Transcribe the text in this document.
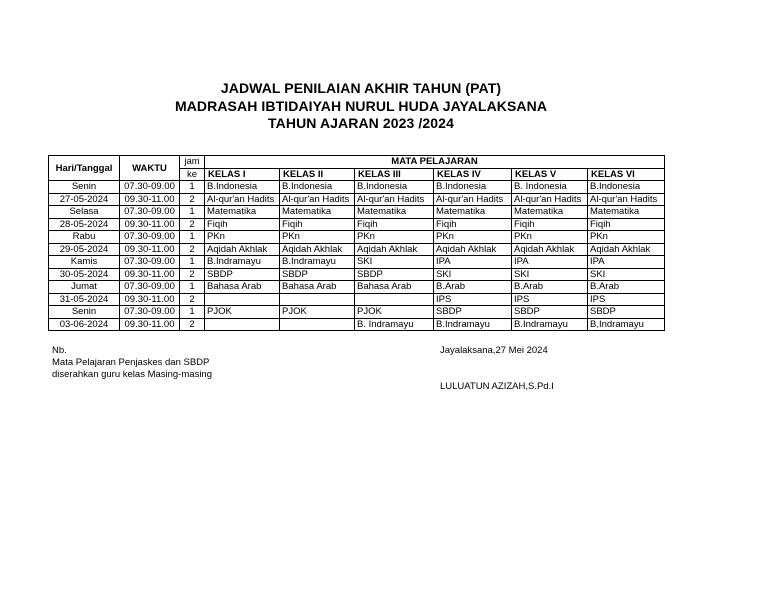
JADWAL PENILAIAN AKHIR TAHUN (PAT)
MADRASAH IBTIDAIYAH NURUL HUDA JAYALAKSANA
TAHUN AJARAN 2023 /2024
Hari/Tanggal	WAKTU	jam	MATA PELAJARAN					
		ke	KELAS I	KELAS II	KELAS III	KELAS IV	KELAS V	KELAS VI
Senin	07.30-09.00	1	B.Indonesia	B.Indonesia	B.Indonesia	B.Indonesia	B. Indonesia	B.Indonesia
27-05-2024	09.30-11.00	2	Al-qur'an Hadits	Al-qur'an Hadits	Al-qur'an Hadits	Al-qur'an Hadits	Al-qur'an Hadits	Al-qur'an Hadits
Selasa	07.30-09.00	1	Matematika	Matematika	Matematika	Matematika	Matematika	Matematika
28-05-2024	09.30-11.00	2	Fiqih	Fiqih	Fiqih	Fiqih	Fiqih	Fiqih
Rabu	07.30-09.00	1	PKn	PKn	PKn	PKn	PKn	PKn
29-05-2024	09.30-11.00	2	Aqidah Akhlak	Aqidah Akhlak	Aqidah Akhlak	Aqidah Akhlak	Aqidah Akhlak	Aqidah Akhlak
Kamis	07.30-09.00	1	B.Indramayu	B.Indramayu	SKI	IPA	IPA	IPA
30-05-2024	09.30-11.00	2	SBDP	SBDP	SBDP	SKI	SKI	SKI
Jumat	07.30-09.00	1	Bahasa Arab	Bahasa Arab	Bahasa Arab	B.Arab	B.Arab	B.Arab
31-05-2024	09.30-11.00	2				IPS	IPS	IPS
Senin	07.30-09.00	1	PJOK	PJOK	PJOK	SBDP	SBDP	SBDP
03-06-2024	09.30-11.00	2			B. Indramayu	B.Indramayu	B.Indramayu	B,Indramayu
Nb.
Mata Pelajaran Penjaskes dan SBDP
diserahkan guru kelas Masing-masing
Jayalaksana,27 Mei 2024
LULUATUN AZIZAH,S.Pd.I
